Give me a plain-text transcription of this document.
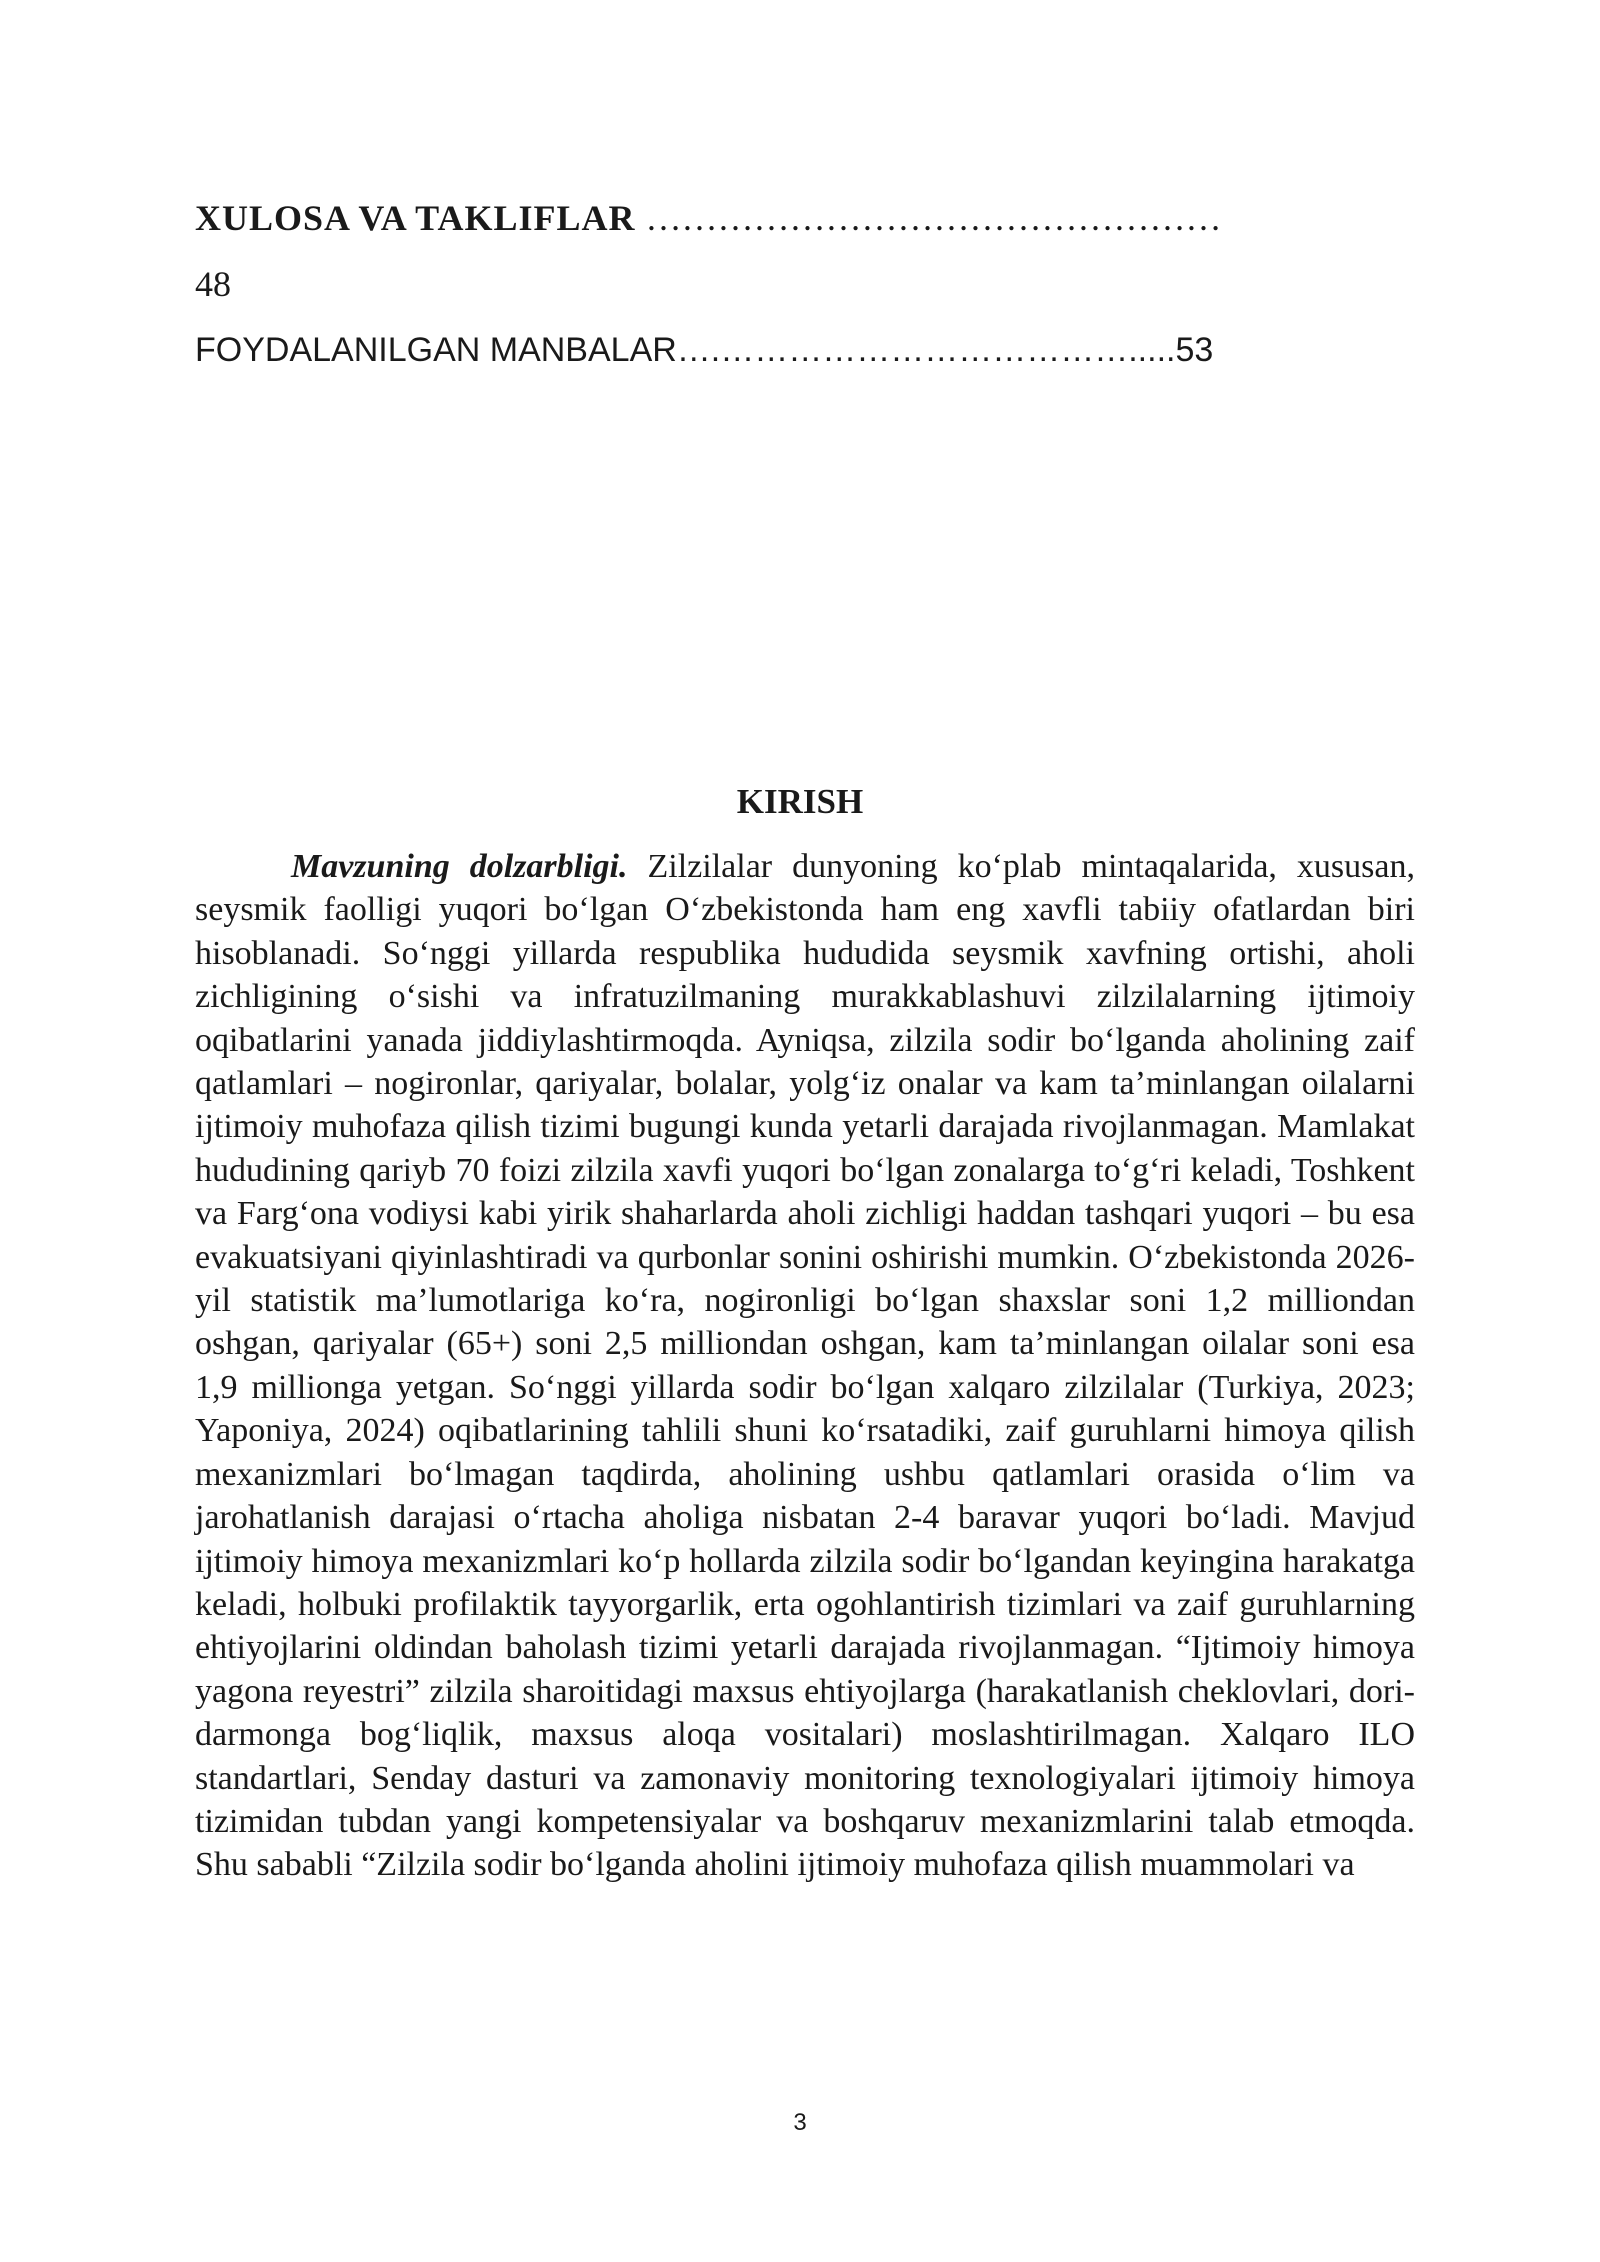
XULOSA VA TAKLIFLAR …………………………………………
48
FOYDALANILGAN MANBALAR….……………………………….....53
KIRISH

Mavzuning dolzarbligi. Zilzilalar dunyoning ko‘plab mintaqalarida, xususan, seysmik faolligi yuqori bo‘lgan O‘zbekistonda ham eng xavfli tabiiy ofatlardan biri hisoblanadi. So‘nggi yillarda respublika hududida seysmik xavfning ortishi, aholi zichligining o‘sishi va infratuzilmaning murakkablashuvi zilzilalarning ijtimoiy oqibatlarini yanada jiddiylashtirmoqda. Ayniqsa, zilzila sodir bo‘lganda aholining zaif qatlamlari – nogironlar, qariyalar, bolalar, yolg‘iz onalar va kam ta’minlangan oilalarni ijtimoiy muhofaza qilish tizimi bugungi kunda yetarli darajada rivojlanmagan. Mamlakat hududining qariyb 70 foizi zilzila xavfi yuqori bo‘lgan zonalarga to‘g‘ri keladi, Toshkent va Farg‘ona vodiysi kabi yirik shaharlarda aholi zichligi haddan tashqari yuqori – bu esa evakuatsiyani qiyinlashtiradi va qurbonlar sonini oshirishi mumkin. O‘zbekistonda 2026-yil statistik ma’lumotlariga ko‘ra, nogironligi bo‘lgan shaxslar soni 1,2 milliondan oshgan, qariyalar (65+) soni 2,5 milliondan oshgan, kam ta’minlangan oilalar soni esa 1,9 millionga yetgan. So‘nggi yillarda sodir bo‘lgan xalqaro zilzilalar (Turkiya, 2023; Yaponiya, 2024) oqibatlarining tahlili shuni ko‘rsatadiki, zaif guruhlarni himoya qilish mexanizmlari bo‘lmagan taqdirda, aholining ushbu qatlamlari orasida o‘lim va jarohatlanish darajasi o‘rtacha aholiga nisbatan 2-4 baravar yuqori bo‘ladi. Mavjud ijtimoiy himoya mexanizmlari ko‘p hollarda zilzila sodir bo‘lgandan keyingina harakatga keladi, holbuki profilaktik tayyorgarlik, erta ogohlantirish tizimlari va zaif guruhlarning ehtiyojlarini oldindan baholash tizimi yetarli darajada rivojlanmagan. “Ijtimoiy himoya yagona reyestri” zilzila sharoitidagi maxsus ehtiyojlarga (harakatlanish cheklovlari, dori-darmonga bog‘liqlik, maxsus aloqa vositalari) moslashtirilmagan. Xalqaro ILO standartlari, Senday dasturi va zamonaviy monitoring texnologiyalari ijtimoiy himoya tizimidan tubdan yangi kompetensiyalar va boshqaruv mexanizmlarini talab etmoqda. Shu sababli “Zilzila sodir bo‘lganda aholini ijtimoiy muhofaza qilish muammolari va

3
